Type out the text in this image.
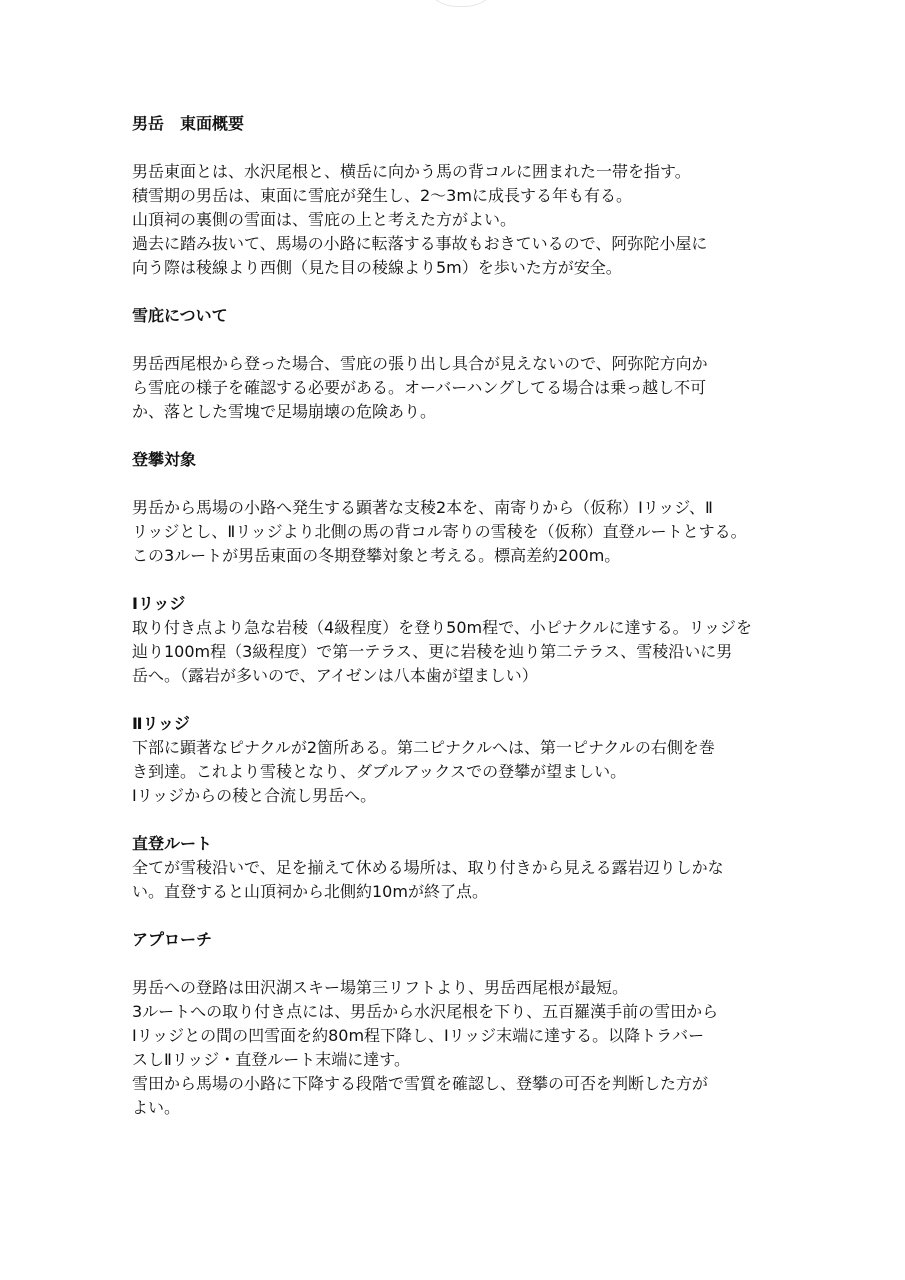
男岳　東面概要
男岳東面とは、水沢尾根と、横岳に向かう馬の背コルに囲まれた一帯を指す。
積雪期の男岳は、東面に雪庇が発生し、2～3mに成長する年も有る。
山頂祠の裏側の雪面は、雪庇の上と考えた方がよい。
過去に踏み抜いて、馬場の小路に転落する事故もおきているので、阿弥陀小屋に
向う際は稜線より西側（見た目の稜線より5m）を歩いた方が安全。
雪庇について
男岳西尾根から登った場合、雪庇の張り出し具合が見えないので、阿弥陀方向か
ら雪庇の様子を確認する必要がある。オーバーハングしてる場合は乗っ越し不可
か、落とした雪塊で足場崩壊の危険あり。
登攀対象
男岳から馬場の小路へ発生する顕著な支稜2本を、南寄りから（仮称）Ⅰリッジ、Ⅱ
リッジとし、Ⅱリッジより北側の馬の背コル寄りの雪稜を（仮称）直登ルートとする。
この3ルートが男岳東面の冬期登攀対象と考える。標高差約200m。
Ⅰリッジ
取り付き点より急な岩稜（4級程度）を登り50m程で、小ピナクルに達する。リッジを
辿り100m程（3級程度）で第一テラス、更に岩稜を辿り第二テラス、雪稜沿いに男
岳へ。（露岩が多いので、アイゼンは八本歯が望ましい）
Ⅱリッジ
下部に顕著なピナクルが2箇所ある。第二ピナクルへは、第一ピナクルの右側を巻
き到達。これより雪稜となり、ダブルアックスでの登攀が望ましい。
Ⅰリッジからの稜と合流し男岳へ。
直登ルート
全てが雪稜沿いで、足を揃えて休める場所は、取り付きから見える露岩辺りしかな
い。直登すると山頂祠から北側約10mが終了点。
アプローチ
男岳への登路は田沢湖スキー場第三リフトより、男岳西尾根が最短。
3ルートへの取り付き点には、男岳から水沢尾根を下り、五百羅漢手前の雪田から
Ⅰリッジとの間の凹雪面を約80m程下降し、Ⅰリッジ末端に達する。以降トラバー
スしⅡリッジ・直登ルート末端に達す。
雪田から馬場の小路に下降する段階で雪質を確認し、登攀の可否を判断した方が
よい。
